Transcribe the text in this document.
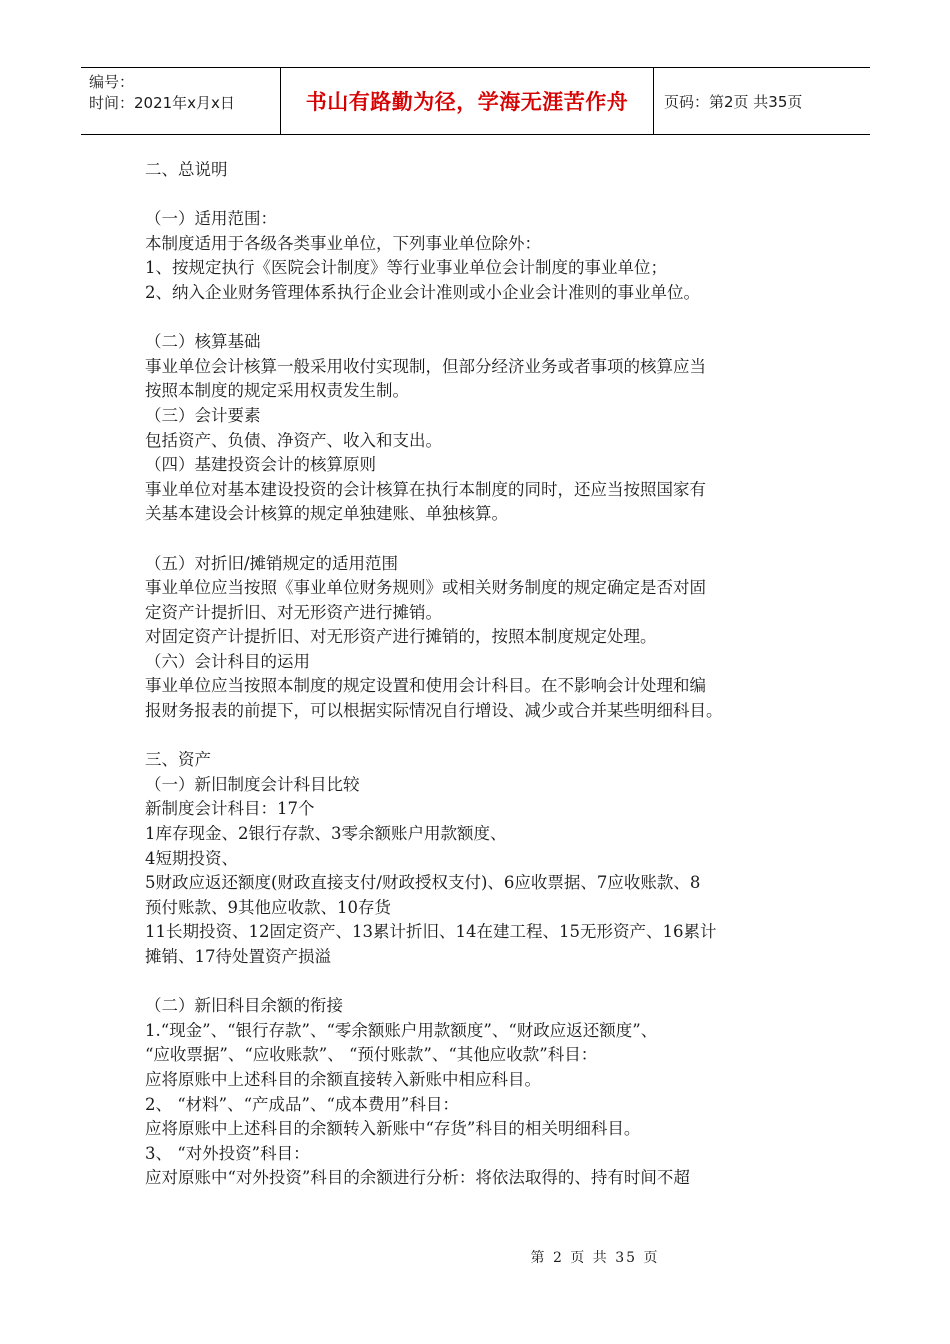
编号：
时间：2021年x月x日	书山有路勤为径，学海无涯苦作舟 页码：第2页 共35页
二、总说明
（一）适用范围：
本制度适用于各级各类事业单位，下列事业单位除外：
1、按规定执行《医院会计制度》等行业事业单位会计制度的事业单位；
2、纳入企业财务管理体系执行企业会计准则或小企业会计准则的事业单位。
（二）核算基础
事业单位会计核算一般采用收付实现制，但部分经济业务或者事项的核算应当
按照本制度的规定采用权责发生制。
（三）会计要素
包括资产、负债、净资产、收入和支出。
（四）基建投资会计的核算原则
事业单位对基本建设投资的会计核算在执行本制度的同时，还应当按照国家有
关基本建设会计核算的规定单独建账、单独核算。
（五）对折旧/摊销规定的适用范围
事业单位应当按照《事业单位财务规则》或相关财务制度的规定确定是否对固
定资产计提折旧、对无形资产进行摊销。
对固定资产计提折旧、对无形资产进行摊销的，按照本制度规定处理。
（六）会计科目的运用
事业单位应当按照本制度的规定设置和使用会计科目。在不影响会计处理和编
报财务报表的前提下，可以根据实际情况自行增设、减少或合并某些明细科目。
三、资产
（一）新旧制度会计科目比较
新制度会计科目：17个
1库存现金、2银行存款、3零余额账户用款额度、
4短期投资、
5财政应返还额度(财政直接支付/财政授权支付)、6应收票据、7应收账款、8
预付账款、9其他应收款、10存货
11长期投资、12固定资产、13累计折旧、14在建工程、15无形资产、16累计
摊销、17待处置资产损溢
（二）新旧科目余额的衔接
1.“现金”、“银行存款”、“零余额账户用款额度”、“财政应返还额度”、
“应收票据”、“应收账款”、 “预付账款”、“其他应收款”科目：
应将原账中上述科目的余额直接转入新账中相应科目。
2、 “材料”、“产成品”、“成本费用”科目：
应将原账中上述科目的余额转入新账中“存货”科目的相关明细科目。
3、 “对外投资”科目：
应对原账中“对外投资”科目的余额进行分析：将依法取得的、持有时间不超
第 2 页 共 35 页
